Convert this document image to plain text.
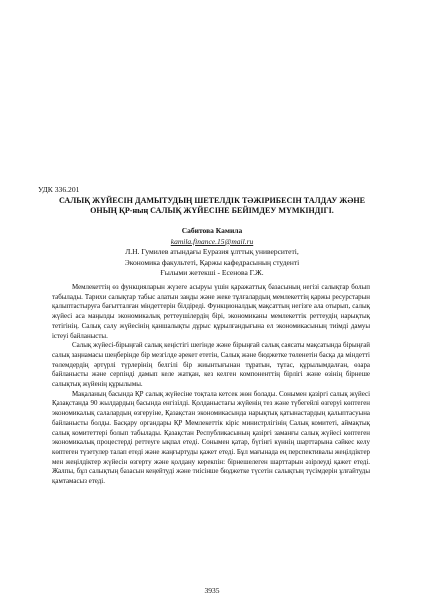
УДК 336.201
САЛЫҚ ЖҮЙЕСІН ДАМЫТУДЫҢ ШЕТЕЛДІК ТӘЖІРИБЕСІН ТАЛДАУ ЖӘНЕ
ОНЫҢ ҚР-ның САЛЫҚ ЖҮЙЕСІНЕ БЕЙІМДЕУ МҮМКІНДІГІ.
Сабитова Камила
kamila.finance.15@mail.ru
Л.Н. Гумилев атындағы Еуразия ұлттық университеті,
Экономика факультеті, Қаржы кафедрасының студенті
Ғылыми жетекші - Есенова Г.Ж.

Мемлекеттің өз функцияларын жүзеге асыруы үшін қаражаттық базасының негізі салықтар болып табылады. Тарихи салықтар табыс алатын заңды және жеке тұлғалардың мемлекеттің қаржы ресурстарын қалыптастыруға бағытталған міндеттерін білдіреді. Функционалдық мақсаттың негізге ала отырып, салық жүйесі аса маңызды экономикалық реттеушілердің бірі, экономиканы мемлекеттік реттеудің нарықтық тетігінің. Салық салу жүйесінің қаншалықты дұрыс құрылғандығына ел экономикасының тиімді дамуы істеуі байланысты.

Салық жүйесі-бірыңғай салық кеңістігі шегінде және бірыңғай салық саясаты мақсатында бірыңғай салық заңнамасы шеңберінде бір мезгілде әрекет ететін, Салық және бюджетке төленетін басқа да міндетті төлемдердің әртүрлі түрлерінің белгілі бір жиынтығынан тұратын, тұтас, құрылымдалған, өзара байланысты және серпінді дамып келе жатқан, кез келген компоненттің бірлігі және өзінің бірнеше салықтық жүйенің құрылымы.

Мақаланың басында ҚР салық жүйесіне тоқтала кетсек жөн болады. Сонымен қазіргі салық жүйесі Қазақстанда 90 жылдардың басында енгізілді. Қолданыстағы жүйенің тез және түбегейлі өзгеруі көптеген экономикалық салалардың өзгеруіне, Қазақстан экономикасында нарықтық қатынастардың қалыптасуына байланысты болды. Басқару органдары ҚР Мемлекеттік кіріс министрлігінің Салық комитеті, аймақтық салық комитеттері болып табылады. Қазақстан Республикасының қазіргі заманғы салық жүйесі көптеген экономикалық процестерді реттеуге ықпал етеді. Сонымен қатар, бүгінгі күннің шарттарына сәйкес келу көптеген түзетулер талап етеді және жаңғыртуды қажет етеді. Бұл мағынада ең перспективалы жеңілдіктер мен жеңілдіктер жүйесін өзгерту және қолдану керекпін: бірнешелеген шарттарын әзірлеуді қажет етеді. Жалпы, бұл салықтың базасын кеңейтуді және тиісінше бюджетке түсетін салықтың түсімдерін ұлғайтуды қамтамасыз етеді.

3935
